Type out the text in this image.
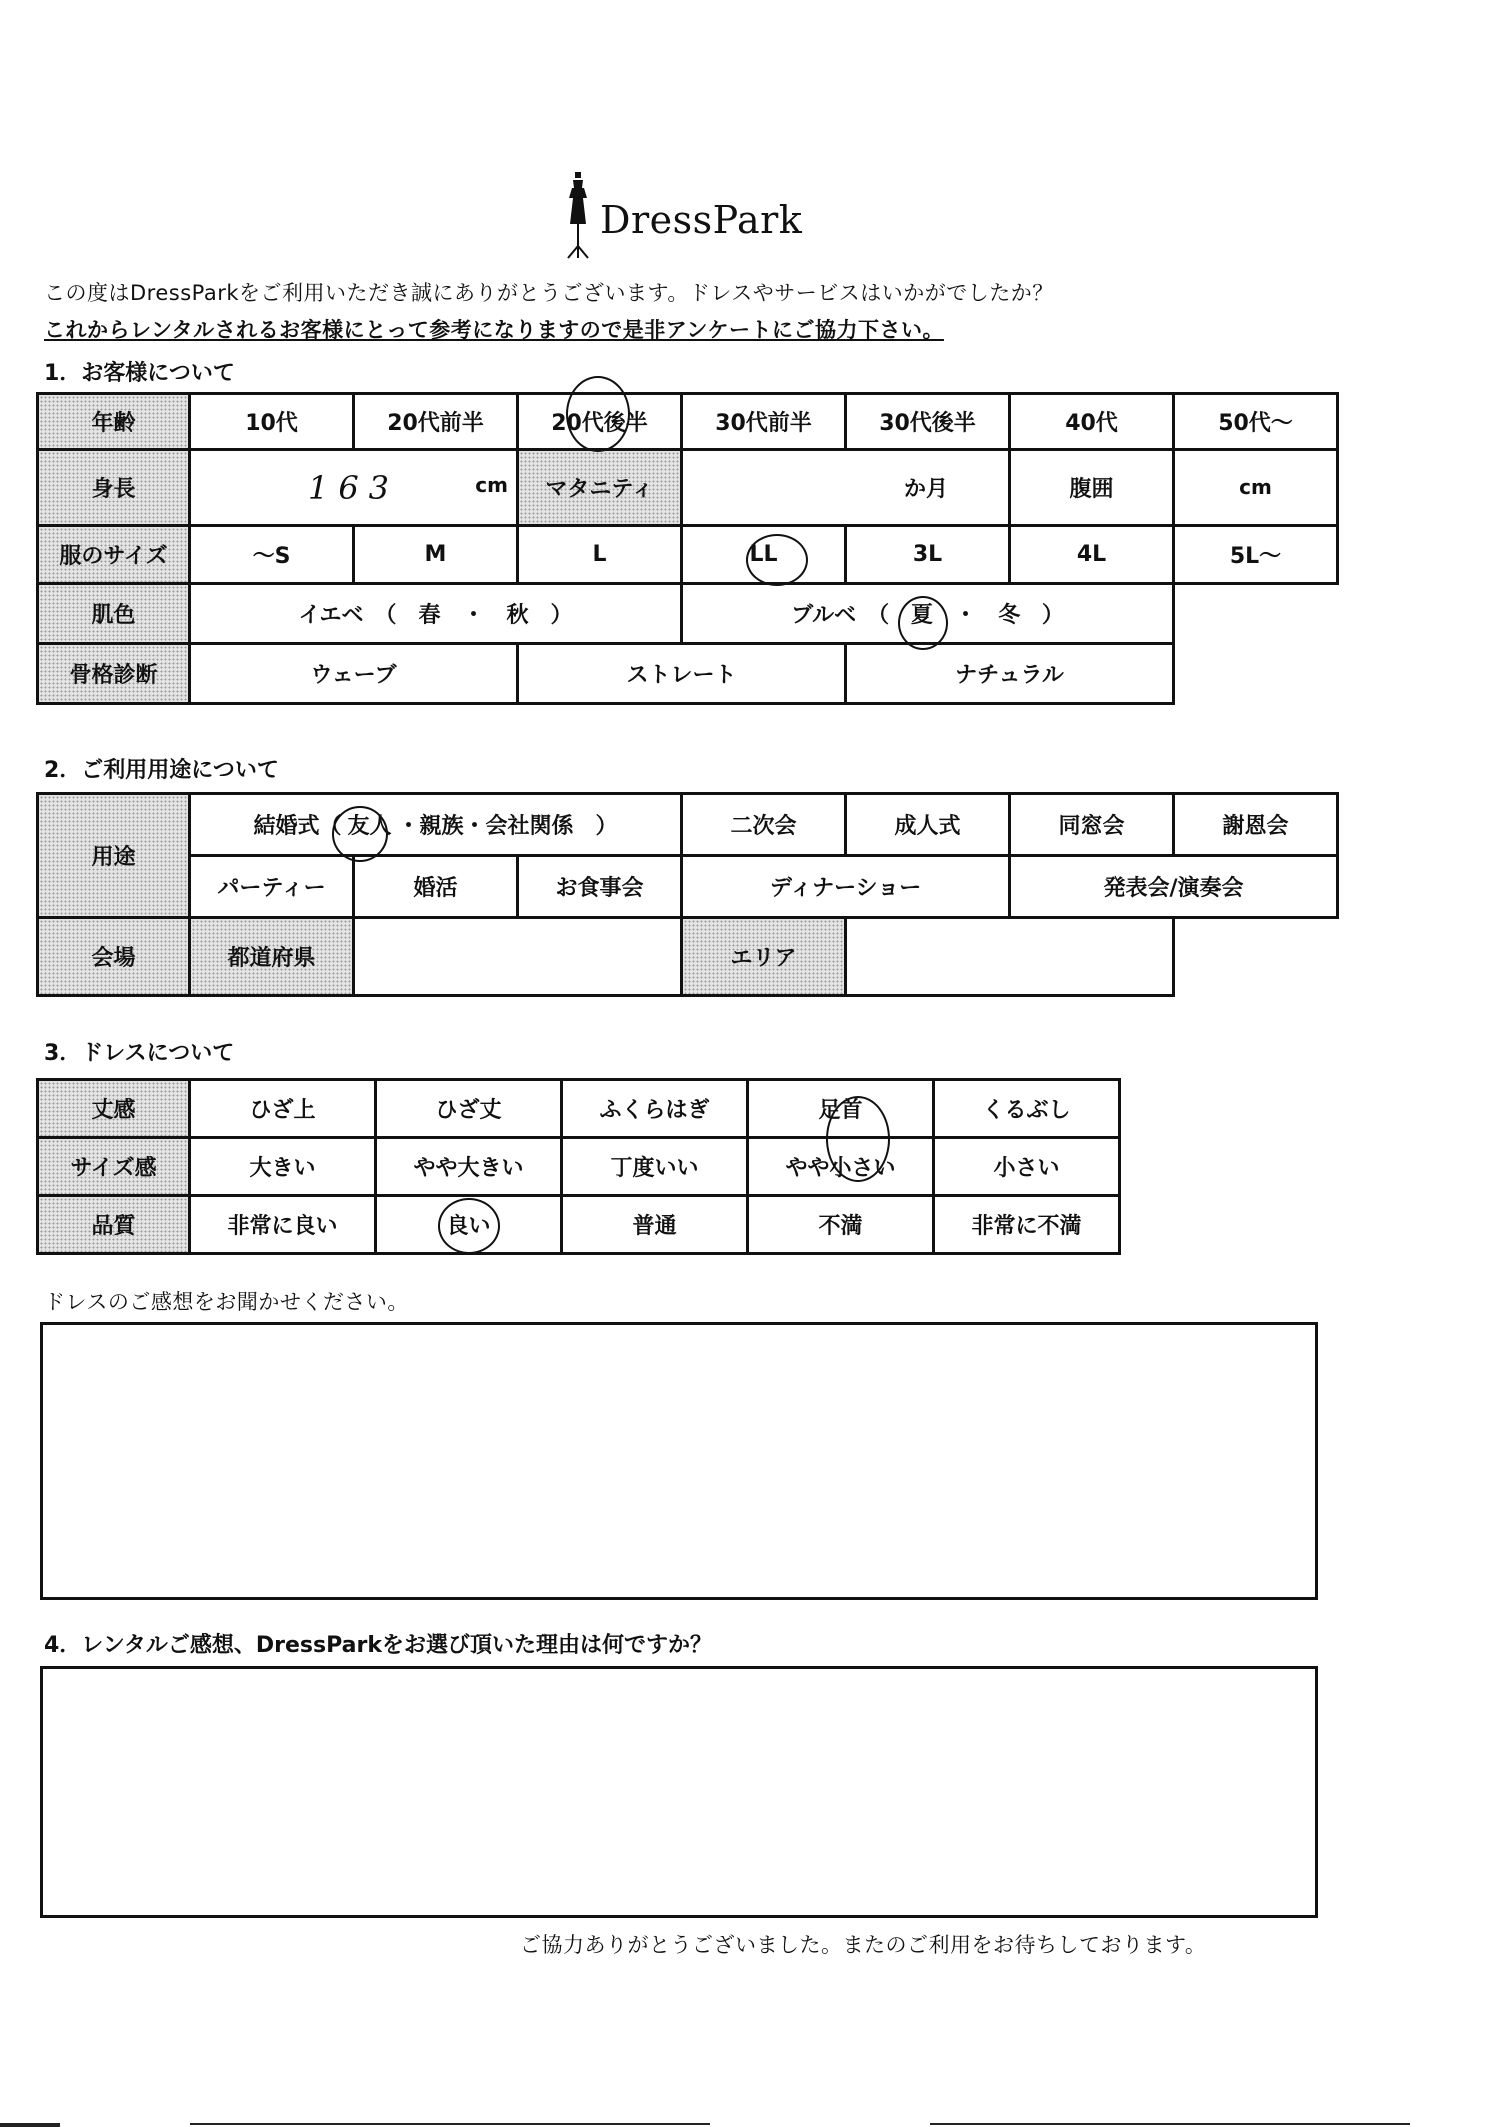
DressPark
この度はDressParkをご利用いただき誠にありがとうございます。ドレスやサービスはいかがでしたか？
これからレンタルされるお客様にとって参考になりますので是非アンケートにご協力下さい。
1．お客様について
年齢	10代	20代前半	20代後半	30代前半	30代後半	40代	50代～
身長	163 cm		マタニティ	か月		腹囲	cm
服のサイズ	～S	M	L	LL	3L	4L	5L～
肌色	イエベ　（　春　・　秋　）			ブルベ　（ 夏 ・ 冬 ）			
骨格診断	ウェーブ		ストレート		ナチュラル		
2．ご利用用途について
用途	結婚式（ 友人 ・親族・会社関係　）			二次会	成人式	同窓会	謝恩会
	パーティー	婚活	お食事会	ディナーショー		発表会/演奏会	
会場	都道府県			エリア			
3．ドレスについて
丈感	ひざ上	ひざ丈	ふくらはぎ	足首	くるぶし
サイズ感	大きい	やや大きい	丁度いい	やや小さい	小さい
品質	非常に良い	良い	普通	不満	非常に不満
ドレスのご感想をお聞かせください。
4．レンタルご感想、DressParkをお選び頂いた理由は何ですか？
ご協力ありがとうございました。またのご利用をお待ちしております。
